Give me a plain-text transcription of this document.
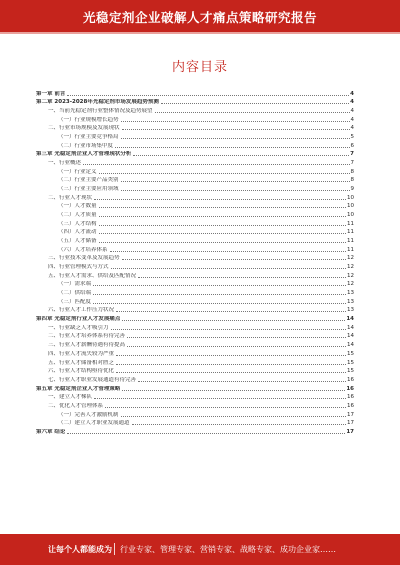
光稳定剂企业破解人才痛点策略研究报告
内容目录
第一章 前言	4
第二章 2023-2028年光稳定剂市场发展趋势预测	4
一、当前光稳定剂行业整体情况及趋势展望	4
（一）行业规模增长趋势	4
二、行业市场规模及发展现状	4
（一）行业主要竞争格局	5
（二）行业市场集中度	6
第三章 光稳定剂企业人才管理现状分析	7
一、行业概述	7
（一）行业定义	8
（二）行业主要产品类别	8
（三）行业主要应用领域	9
二、行业人才现状	10
（一）人才数量	10
（二）人才质量	10
（三）人才结构	11
（四）人才流动	11
（五）人才储备	11
（六）人才培养体系	11
三、行业技术变革及发展趋势	12
四、行业管理模式与方式	12
五、行业人才需求、供给及匹配情况	12
（一）需求端	12
（二）供给端	13
（三）匹配度	13
六、行业人才工作压力状况	13
第四章 光稳定剂行业人才发展痛点	14
一、行业缺乏人才吸引力	14
二、行业人才培养体系有待完善	14
三、行业人才薪酬待遇有待提高	14
四、行业人才流失较为严重	15
五、行业人才储备相对匮乏	15
六、行业人才结构亟待优化	15
七、行业人才职业发展通道有待完善	16
第五章 光稳定剂企业人才管理策略	16
一、建立人才梯队	16
二、优化人才管理体系	16
（一）完善人才激励机制	17
（二）建立人才职业发展通道	17
第六章 结论	17
让每个人都能成为 行业专家、管理专家、营销专家、战略专家、成功企业家……
